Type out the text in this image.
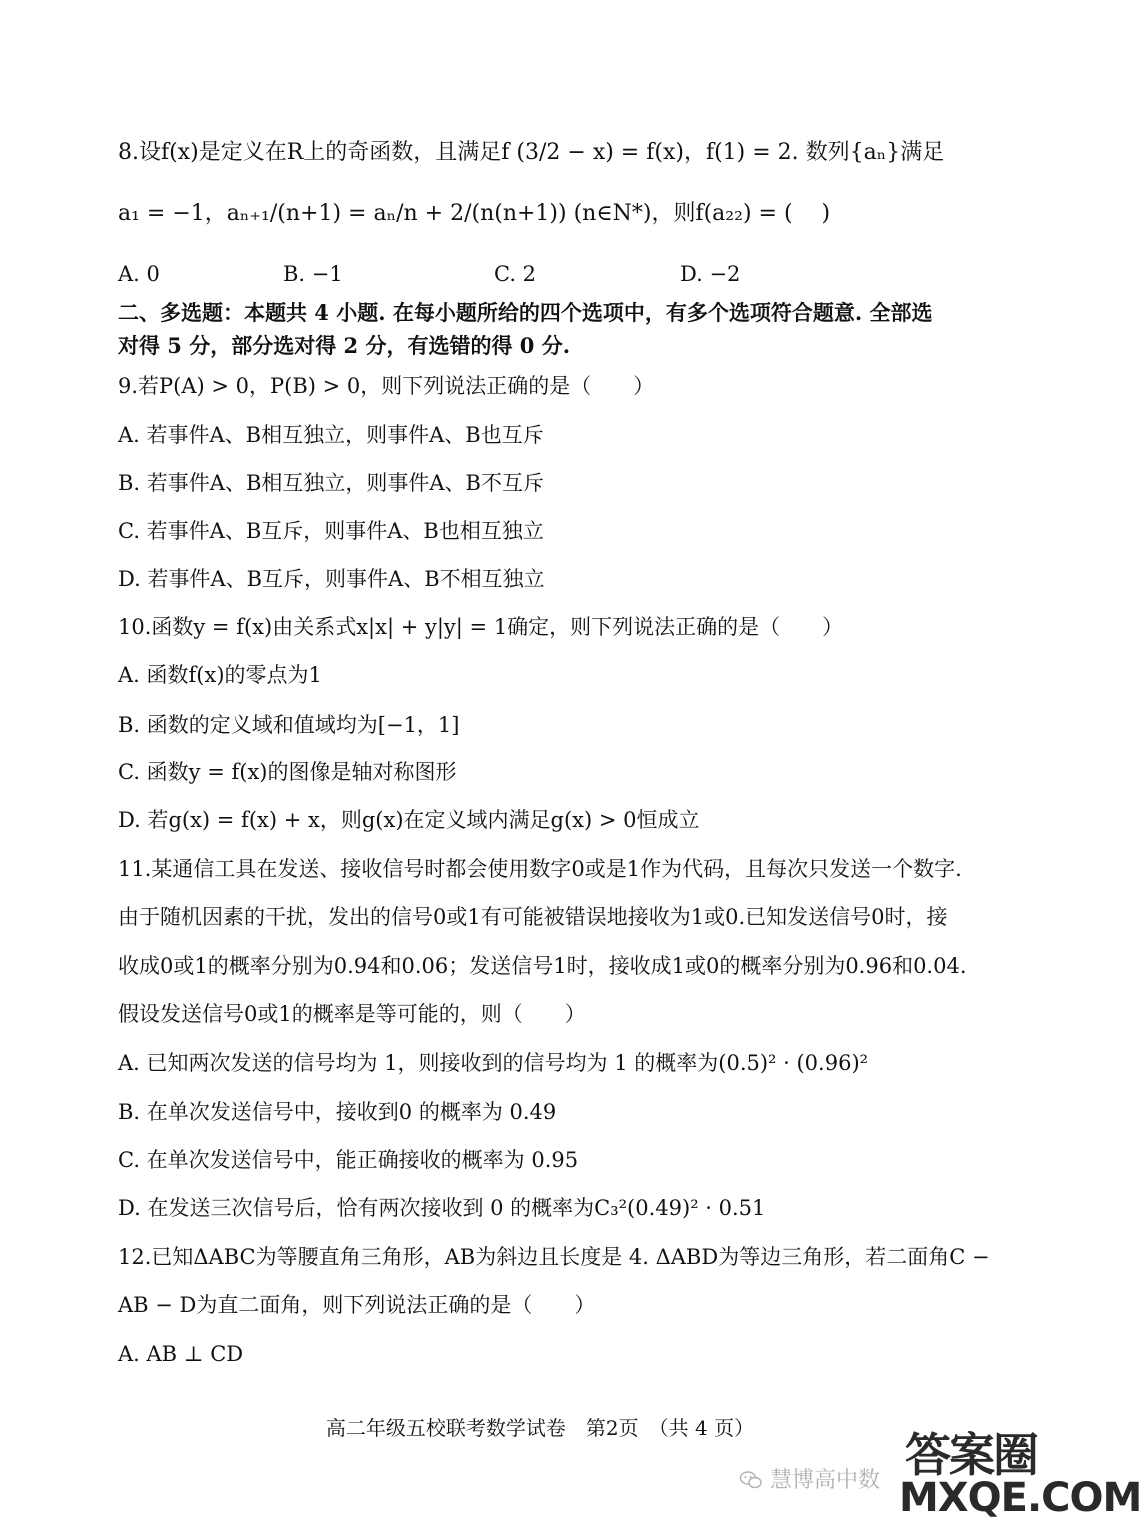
8.设f(x)是定义在R上的奇函数，且满足f (3/2 − x) = f(x)，f(1) = 2. 数列{aₙ}满足
a₁ = −1，aₙ₊₁/(n+1) = aₙ/n + 2/(n(n+1)) (n∈N*)，则f(a₂₂) = (　 )
A. 0	B. −1	C. 2	D. −2
二、多选题：本题共 4 小题. 在每小题所给的四个选项中，有多个选项符合题意. 全部选
对得 5 分，部分选对得 2 分，有选错的得 0 分.
9.若P(A) > 0，P(B) > 0，则下列说法正确的是（　　）
A. 若事件A、B相互独立，则事件A、B也互斥
B. 若事件A、B相互独立，则事件A、B不互斥
C. 若事件A、B互斥，则事件A、B也相互独立
D. 若事件A、B互斥，则事件A、B不相互独立
10.函数y = f(x)由关系式x|x| + y|y| = 1确定，则下列说法正确的是（　　）
A. 函数f(x)的零点为1
B. 函数的定义域和值域均为[−1，1]
C. 函数y = f(x)的图像是轴对称图形
D. 若g(x) = f(x) + x，则g(x)在定义域内满足g(x) > 0恒成立
11.某通信工具在发送、接收信号时都会使用数字0或是1作为代码，且每次只发送一个数字.
由于随机因素的干扰，发出的信号0或1有可能被错误地接收为1或0.已知发送信号0时，接
收成0或1的概率分别为0.94和0.06；发送信号1时，接收成1或0的概率分别为0.96和0.04.
假设发送信号0或1的概率是等可能的，则（　　）
A. 已知两次发送的信号均为 1，则接收到的信号均为 1 的概率为(0.5)² · (0.96)²
B. 在单次发送信号中，接收到0 的概率为 0.49
C. 在单次发送信号中，能正确接收的概率为 0.95
D. 在发送三次信号后，恰有两次接收到 0 的概率为C₃²(0.49)² · 0.51
12.已知ΔABC为等腰直角三角形，AB为斜边且长度是 4. ΔABD为等边三角形，若二面角C −
AB − D为直二面角，则下列说法正确的是（　　）
A. AB ⊥ CD
高二年级五校联考数学试卷　第2页　（共 4 页）
慧博高中数 答案圈
MXQE.COM
